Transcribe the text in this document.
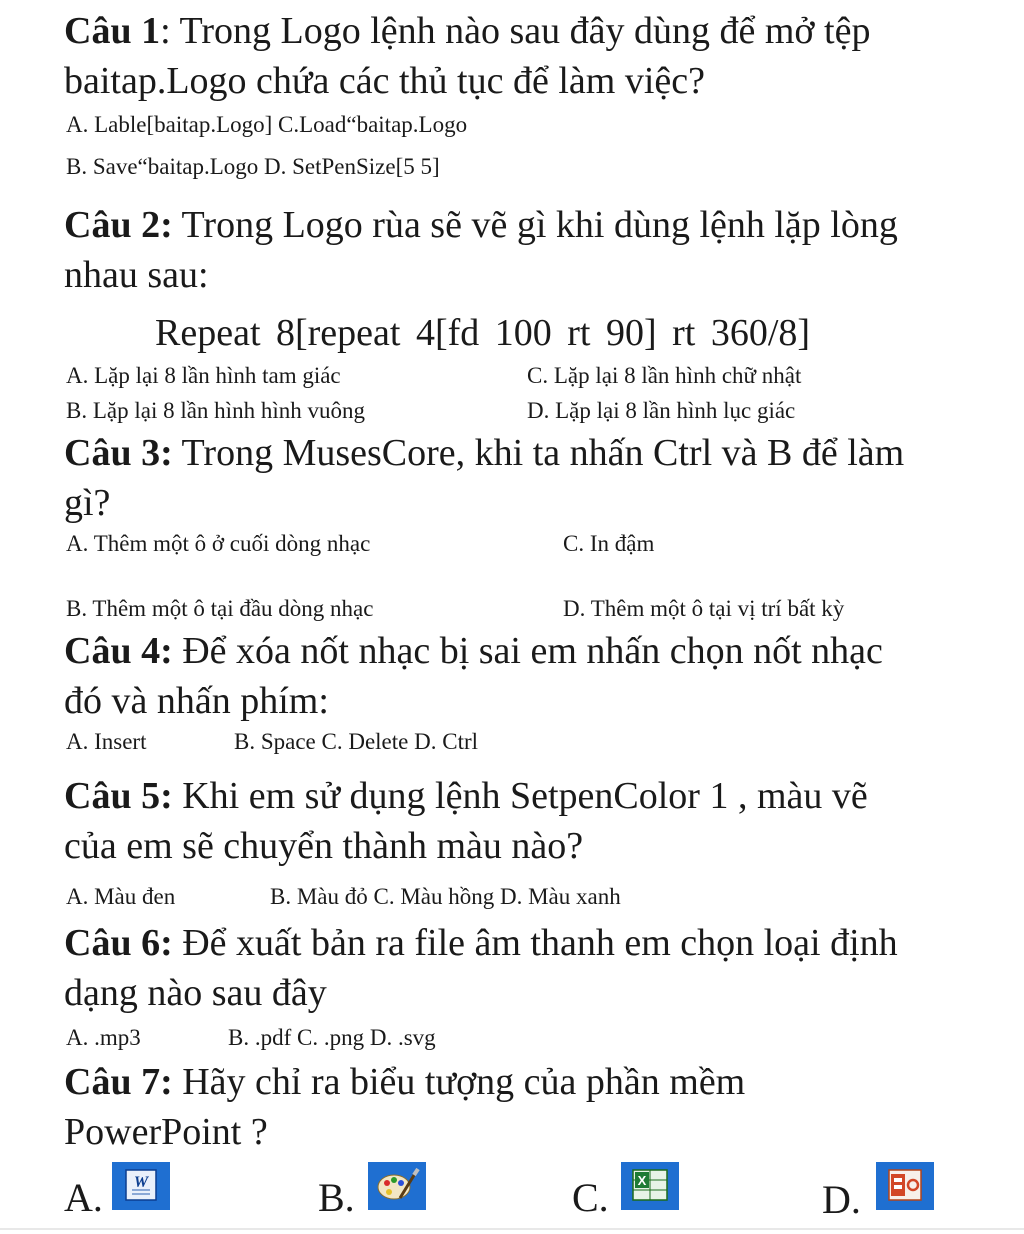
Câu 1: Trong Logo lệnh nào sau đây dùng để mở tệp
baitap.Logo chứa các thủ tục để làm việc?
A. Lable[baitap.Logo] C.Load“baitap.Logo
B. Save“baitap.Logo D. SetPenSize[5 5]
Câu 2: Trong Logo rùa sẽ vẽ gì khi dùng lệnh lặp lòng
nhau sau:
Repeat 8[repeat 4[fd 100 rt 90] rt 360/8]
A. Lặp lại 8 lần hình tam giác	C. Lặp lại 8 lần hình chữ nhật
B. Lặp lại 8 lần hình hình vuông	D. Lặp lại 8 lần hình lục giác
Câu 3: Trong MusesCore, khi ta nhấn Ctrl và B để làm
gì?
A. Thêm một ô ở cuối dòng nhạc	C. In đậm
B. Thêm một ô tại đầu dòng nhạc	D. Thêm một ô tại vị trí bất kỳ
Câu 4: Để xóa nốt nhạc bị sai em nhấn chọn nốt nhạc
đó và nhấn phím:
A. Insert	B. Space C. Delete D. Ctrl
Câu 5: Khi em sử dụng lệnh SetpenColor 1 , màu vẽ
của em sẽ chuyển thành màu nào?
A. Màu đen	B. Màu đỏ C. Màu hồng D. Màu xanh
Câu 6: Để xuất bản ra file âm thanh em chọn loại định
dạng nào sau đây
A. .mp3	B. .pdf C. .png D. .svg
Câu 7: Hãy chỉ ra biểu tượng của phần mềm
PowerPoint ?
A. W	B.	C. X	D.
